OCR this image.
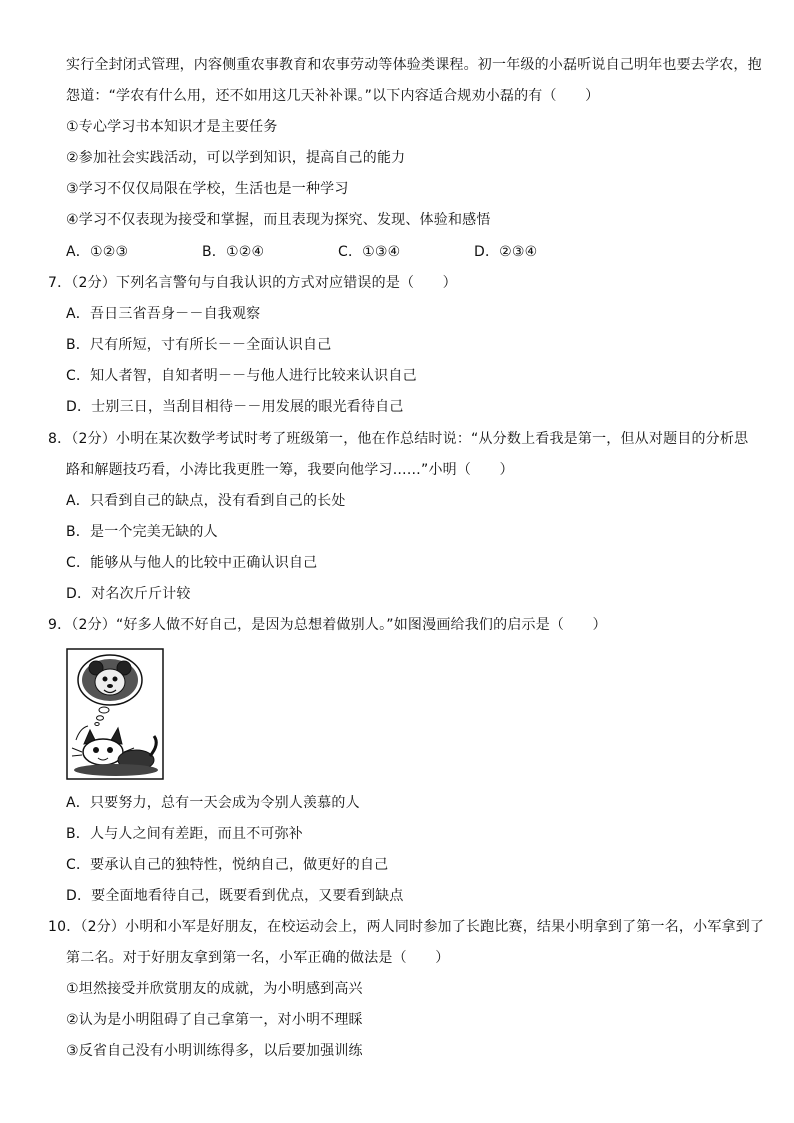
实行全封闭式管理，内容侧重农事教育和农事劳动等体验类课程。初一年级的小磊听说自己明年也要去学农，抱
怨道：“学农有什么用，还不如用这几天补补课。”以下内容适合规劝小磊的有（　　）
①专心学习书本知识才是主要任务
②参加社会实践活动，可以学到知识，提高自己的能力
③学习不仅仅局限在学校，生活也是一种学习
④学习不仅表现为接受和掌握，而且表现为探究、发现、体验和感悟
A．①②③	B．①②④	C．①③④	D．②③④
7．（2分）下列名言警句与自我认识的方式对应错误的是（　　）
A．吾日三省吾身－－自我观察
B．尺有所短，寸有所长－－全面认识自己
C．知人者智，自知者明－－与他人进行比较来认识自己
D．士别三日，当刮目相待－－用发展的眼光看待自己
8．（2分）小明在某次数学考试时考了班级第一，他在作总结时说：“从分数上看我是第一，但从对题目的分析思
路和解题技巧看，小涛比我更胜一筹，我要向他学习……”小明（　　）
A．只看到自己的缺点，没有看到自己的长处
B．是一个完美无缺的人
C．能够从与他人的比较中正确认识自己
D．对名次斤斤计较
9．（2分）“好多人做不好自己，是因为总想着做别人。”如图漫画给我们的启示是（　　）
A．只要努力，总有一天会成为令别人羡慕的人
B．人与人之间有差距，而且不可弥补
C．要承认自己的独特性，悦纳自己，做更好的自己
D．要全面地看待自己，既要看到优点，又要看到缺点
10．（2分）小明和小军是好朋友，在校运动会上，两人同时参加了长跑比赛，结果小明拿到了第一名，小军拿到了
第二名。对于好朋友拿到第一名，小军正确的做法是（　　）
①坦然接受并欣赏朋友的成就，为小明感到高兴
②认为是小明阻碍了自己拿第一，对小明不理睬
③反省自己没有小明训练得多，以后要加强训练
